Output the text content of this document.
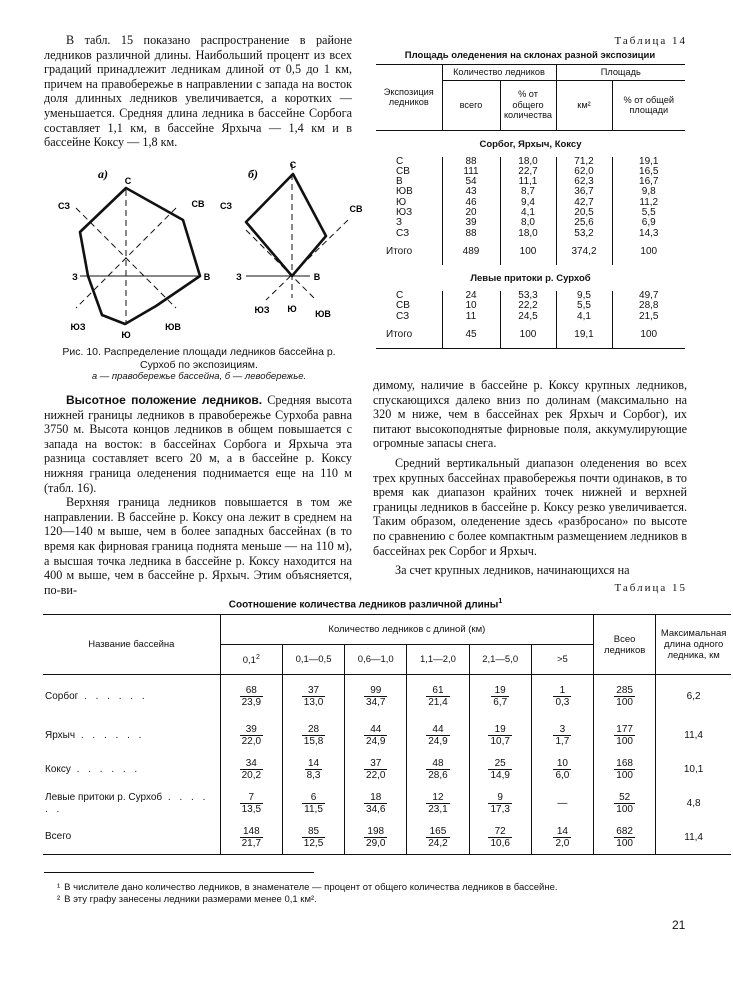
В табл. 15 показано распространение в районе ледников различной длины. Наибольший процент из всех градаций принадлежит ледникам длиной от 0,5 до 1 км, причем на правобережье в направлении с запада на восток доля длинных ледников увеличивается, а коротких — уменьшается. Средняя длина ледника в бассейне Сорбога составляет 1,1 км, в бассейне Ярхыча — 1,4 км и в бассейне Коксу — 1,8 км.

а) С
СВ
В
ЮВ
Ю
ЮЗ
З
СЗ
б)
С
СВ
В
ЮВ
Ю
ЮЗ
З
СЗ
Рис. 10. Распределение площади ледников бассейна р. Сурхоб по экспозициям.
а — правобережье бассейна, б — левобережье.

Высотное положение ледников. Средняя высота нижней границы ледников в правобережье Сурхоба равна 3750 м. Высота концов ледников в общем повышается с запада на восток: в бассейнах Сорбога и Ярхыча эта разница составляет всего 20 м, а в бассейне р. Коксу нижняя граница оледенения поднимается еще на 110 м (табл. 16).

Верхняя граница ледников повышается в том же направлении. В бассейне р. Коксу она лежит в среднем на 120—140 м выше, чем в более западных бассейнах (в то время как фирновая граница поднята меньше — на 110 м), а высшая точка ледника в бассейне р. Коксу находится на 400 м выше, чем в бассейне р. Ярхыч. Этим объясняется, по-ви-

димому, наличие в бассейне р. Коксу крупных ледников, спускающихся далеко вниз по долинам (максимально на 320 м ниже, чем в бассейнах рек Ярхыч и Сорбог), их питают высокоподнятые фирновые поля, аккумулирующие огромные запасы снега.

Средний вертикальный диапазон оледенения во всех трех крупных бассейнах правобережья почти одинаков, в то время как диапазон крайних точек нижней и верхней границы ледников в бассейне р. Коксу резко увеличивается. Таким образом, оледенение здесь «разбросано» по высоте по сравнению с более компактным размещением ледников в бассейнах рек Сорбог и Ярхыч.

За счет крупных ледников, начинающихся на

Таблица 14
Площадь оледенения на склонах разной экспозиции
Экспозиция ледников	Количество ледников		Площадь	
	всего	% от общего количества	км²	% от общей площади
Сорбог, Ярхыч, Коксу				
С	88	18,0	71,2	19,1
СВ	111	22,7	62,0	16,5
В	54	11,1	62,3	16,7
ЮВ	43	8,7	36,7	9,8
Ю	46	9,4	42,7	11,2
ЮЗ	20	4,1	20,5	5,5
З	39	8,0	25,6	6,9
СЗ	88	18,0	53,2	14,3
Итого	489	100	374,2	100
Левые притоки р. Сурхоб				
С	24	53,3	9,5	49,7
СВ	10	22,2	5,5	28,8
СЗ	11	24,5	4,1	21,5
Итого	45	100	19,1	100
Таблица 15
Соотношение количества ледников различной длины$^1$
Название бассейна	Количество ледников с длиной (км)						Всео ледников	Максимальная длина одного ледника, км
	$0,1^2$	0,1—0,5	0,6—1,0	1,1—2,0	2,1—5,0	>5		
Сорбог . . . . . .	$\frac{68}{23,9}$	$\frac{37}{13,0}$	$\frac{99}{34,7}$	$\frac{61}{21,4}$	$\frac{19}{6,7}$	$\frac{1}{0,3}$	$\frac{285}{100}$	6,2
Ярхыч . . . . . .	$\frac{39}{22,0}$	$\frac{28}{15,8}$	$\frac{44}{24,9}$	$\frac{44}{24,9}$	$\frac{19}{10,7}$	$\frac{3}{1,7}$	$\frac{177}{100}$	11,4
Коксу . . . . . .	$\frac{34}{20,2}$	$\frac{14}{8,3}$	$\frac{37}{22,0}$	$\frac{48}{28,6}$	$\frac{25}{14,9}$	$\frac{10}{6,0}$	$\frac{168}{100}$	10,1
Левые притоки р. Сурхоб . . . . . .	$\frac{7}{13,5}$	$\frac{6}{11,5}$	$\frac{18}{34,6}$	$\frac{12}{23,1}$	$\frac{9}{17,3}$	—	$\frac{52}{100}$	4,8
Всего	$\frac{148}{21,7}$	$\frac{85}{12,5}$	$\frac{198}{29,0}$	$\frac{165}{24,2}$	$\frac{72}{10,6}$	$\frac{14}{2,0}$	$\frac{682}{100}$	11,4
¹ В числителе дано количество ледников, в знаменателе — процент от общего количества ледников в бассейне.
² В эту графу занесены ледники размерами менее 0,1 км².
21
